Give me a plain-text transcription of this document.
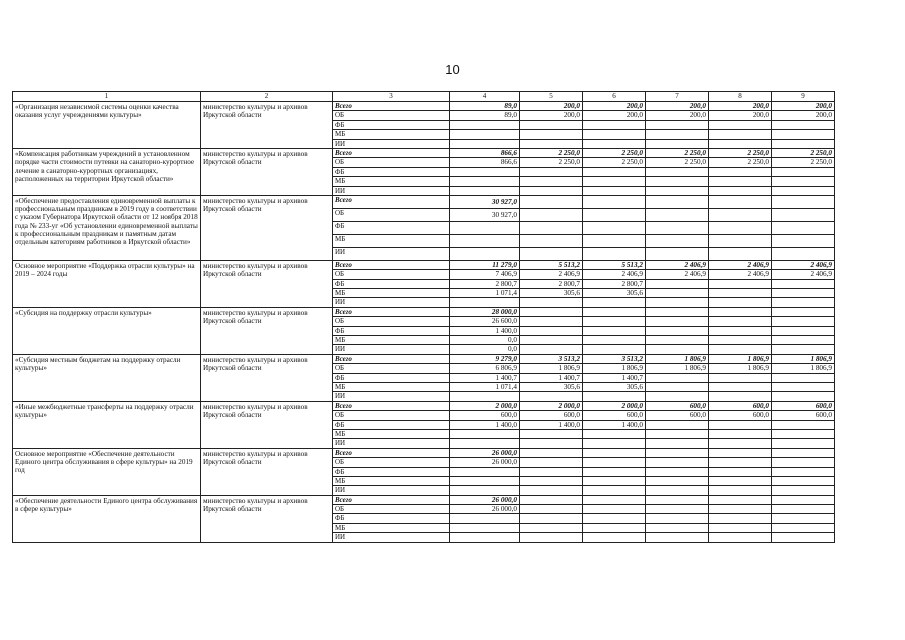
10
1	2	3	4	5	6	7	8	9
«Организация независимой системы оценки качества оказания услуг учреждениями культуры»	министерство культуры и архивов Иркутской области	Всего	89,0	200,0	200,0	200,0	200,0	200,0
		ОБ	89,0	200,0	200,0	200,0	200,0	200,0
		ФБ						
		МБ						
		ИИ						
«Компенсация работникам учреждений в установленном порядке части стоимости путевки на санаторно-курортное лечение в санаторно-курортных организациях, расположенных на территории Иркутской области»	министерство культуры и архивов Иркутской области	Всего	866,6	2 250,0	2 250,0	2 250,0	2 250,0	2 250,0
		ОБ	866,6	2 250,0	2 250,0	2 250,0	2 250,0	2 250,0
		ФБ						
		МБ						
		ИИ						
«Обеспечение предоставления единовременной выплаты к профессиональным праздникам в 2019 году в соответствии с указом Губернатора Иркутской области от 12 ноября 2018 года № 233-уг «Об установлении единовременной выплаты к профессиональным праздникам и памятным датам отдельным категориям работников в Иркутской области»	министерство культуры и архивов Иркутской области	Всего	30 927,0					
		ОБ	30 927,0					
		ФБ						
		МБ						
		ИИ						
Основное мероприятие «Поддержка отрасли культуры» на 2019 – 2024 годы	министерство культуры и архивов Иркутской области	Всего	11 279,0	5 513,2	5 513,2	2 406,9	2 406,9	2 406,9
		ОБ	7 406,9	2 406,9	2 406,9	2 406,9	2 406,9	2 406,9
		ФБ	2 800,7	2 800,7	2 800,7			
		МБ	1 071,4	305,6	305,6			
		ИИ						
«Субсидия на поддержку отрасли культуры»	министерство культуры и архивов Иркутской области	Всего	28 000,0					
		ОБ	26 600,0					
		ФБ	1 400,0					
		МБ	0,0					
		ИИ	0,0					
«Субсидия местным бюджетам на поддержку отрасли культуры»	министерство культуры и архивов Иркутской области	Всего	9 279,0	3 513,2	3 513,2	1 806,9	1 806,9	1 806,9
		ОБ	6 806,9	1 806,9	1 806,9	1 806,9	1 806,9	1 806,9
		ФБ	1 400,7	1 400,7	1 400,7			
		МБ	1 071,4	305,6	305,6			
		ИИ						
«Иные межбюджетные трансферты на поддержку отрасли культуры»	министерство культуры и архивов Иркутской области	Всего	2 000,0	2 000,0	2 000,0	600,0	600,0	600,0
		ОБ	600,0	600,0	600,0	600,0	600,0	600,0
		ФБ	1 400,0	1 400,0	1 400,0			
		МБ						
		ИИ						
Основное мероприятие «Обеспечение деятельности Единого центра обслуживания в сфере культуры» на 2019 год	министерство культуры и архивов Иркутской области	Всего	26 000,0					
		ОБ	26 000,0					
		ФБ						
		МБ						
		ИИ						
«Обеспечение деятельности Единого центра обслуживания в сфере культуры»	министерство культуры и архивов Иркутской области	Всего	26 000,0					
		ОБ	26 000,0					
		ФБ						
		МБ						
		ИИ						
